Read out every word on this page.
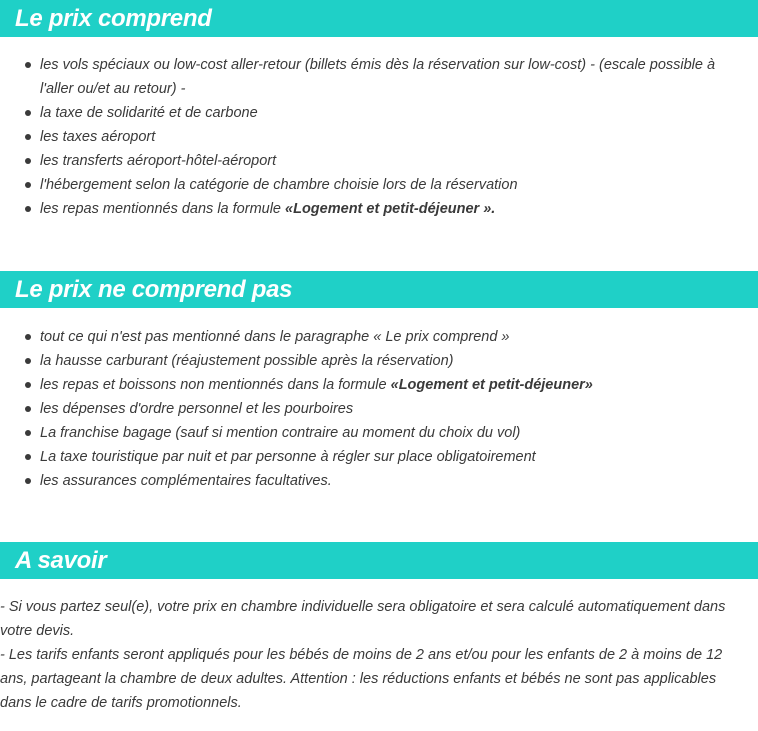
Le prix comprend
les vols spéciaux ou low-cost aller-retour (billets émis dès la réservation sur low-cost) - (escale possible à l'aller ou/et au retour) -
la taxe de solidarité et de carbone
les taxes aéroport
les transferts aéroport-hôtel-aéroport
l'hébergement selon la catégorie de chambre choisie lors de la réservation
les repas mentionnés dans la formule «Logement et petit-déjeuner ».
Le prix ne comprend pas
tout ce qui n'est pas mentionné dans le paragraphe « Le prix comprend »
la hausse carburant (réajustement possible après la réservation)
les repas et boissons non mentionnés dans la formule «Logement et petit-déjeuner»
les dépenses d'ordre personnel et les pourboires
La franchise bagage (sauf si mention contraire au moment du choix du vol)
La taxe touristique par nuit et par personne à régler sur place obligatoirement
les assurances complémentaires facultatives.
A savoir
- Si vous partez seul(e), votre prix en chambre individuelle sera obligatoire et sera calculé automatiquement dans votre devis.
- Les tarifs enfants seront appliqués pour les bébés de moins de 2 ans et/ou pour les enfants de 2 à moins de 12 ans, partageant la chambre de deux adultes. Attention : les réductions enfants et bébés ne sont pas applicables dans le cadre de tarifs promotionnels.
